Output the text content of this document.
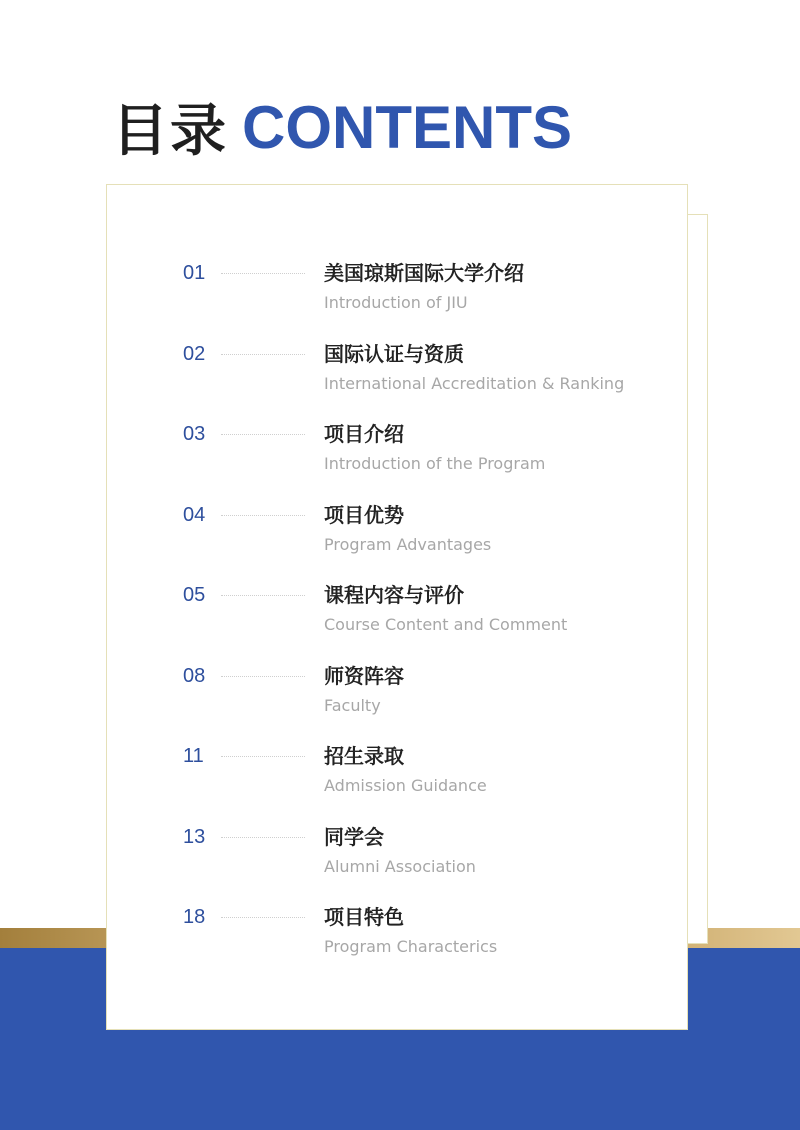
目录 CONTENTS
01	美国琼斯国际大学介绍
Introduction of JIU
02	国际认证与资质
International Accreditation & Ranking
03	项目介绍
Introduction of the Program
04	项目优势
Program Advantages
05	课程内容与评价
Course Content and Comment
08	师资阵容
Faculty
11	招生录取
Admission Guidance
13	同学会
Alumni Association
18	项目特色
Program Characterics
